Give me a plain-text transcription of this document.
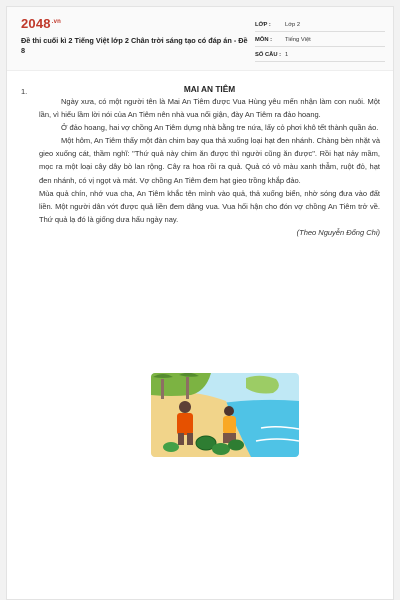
$2048^{.vn}$
Đề thi cuối kì 2 Tiếng Việt lớp 2 Chân trời sáng tạo có đáp án - Đề 8
LỚP : Lớp 2
MÔN : Tiếng Việt
SỐ CÂU : 1
1.	MAI AN TIÊM

Ngày xưa, có một người tên là Mai An Tiêm được Vua Hùng yêu mến nhận làm con nuôi. Một lần, vì hiểu lầm lời nói của An Tiêm nên nhà vua nổi giận, đày An Tiêm ra đảo hoang.

Ở đảo hoang, hai vợ chồng An Tiêm dựng nhà bằng tre nứa, lấy cỏ phơi khô tết thành quần áo.

Một hôm, An Tiêm thấy một đàn chim bay qua thả xuống loại hạt đen nhánh. Chàng bèn nhặt và gieo xuống cát, thầm nghĩ: "Thứ quả này chim ăn được thì người cũng ăn được". Rồi hạt nảy mầm, mọc ra một loại cây dây bò lan rộng. Cây ra hoa rồi ra quả. Quả có vỏ màu xanh thẫm, ruột đỏ, hạt đen nhánh, có vị ngọt và mát. Vợ chồng An Tiêm đem hạt gieo trồng khắp đảo.

Mùa quả chín, nhớ vua cha, An Tiêm khắc tên mình vào quả, thả xuống biển, nhờ sóng đưa vào đất liền. Một người dân vớt được quả liền đem dâng vua. Vua hối hận cho đón vợ chồng An Tiêm trở về. Thứ quả lạ đó là giống dưa hấu ngày nay.

(Theo Nguyễn Đổng Chi)
